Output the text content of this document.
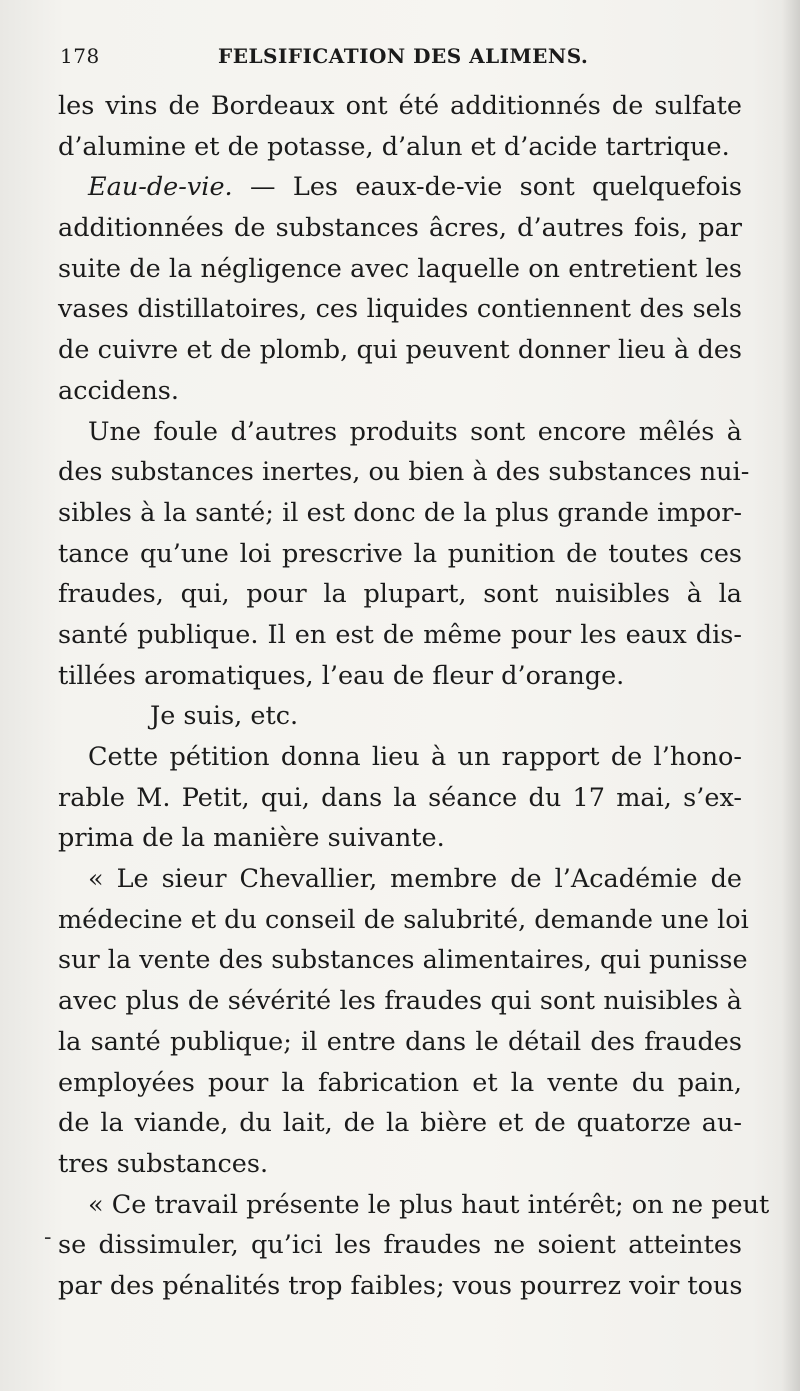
178	FELSIFICATION DES ALIMENS.
-
les vins de Bordeaux ont été additionnés de sulfate
d’alumine et de potasse, d’alun et d’acide tartrique.
Eau-de-vie. — Les eaux-de-vie sont quelquefois
additionnées de substances âcres, d’autres fois, par
suite de la négligence avec laquelle on entretient les
vases distillatoires, ces liquides contiennent des sels
de cuivre et de plomb, qui peuvent donner lieu à des
accidens.
Une foule d’autres produits sont encore mêlés à
des substances inertes, ou bien à des substances nui-
sibles à la santé; il est donc de la plus grande impor-
tance qu’une loi prescrive la punition de toutes ces
fraudes, qui, pour la plupart, sont nuisibles à la
santé publique. Il en est de même pour les eaux dis-
tillées aromatiques, l’eau de fleur d’orange.
Je suis, etc.
Cette pétition donna lieu à un rapport de l’hono-
rable M. Petit, qui, dans la séance du 17 mai, s’ex-
prima de la manière suivante.
« Le sieur Chevallier, membre de l’Académie de
médecine et du conseil de salubrité, demande une loi
sur la vente des substances alimentaires, qui punisse
avec plus de sévérité les fraudes qui sont nuisibles à
la santé publique; il entre dans le détail des fraudes
employées pour la fabrication et la vente du pain,
de la viande, du lait, de la bière et de quatorze au-
tres substances.
« Ce travail présente le plus haut intérêt; on ne peut
se dissimuler, qu’ici les fraudes ne soient atteintes
par des pénalités trop faibles; vous pourrez voir tous
